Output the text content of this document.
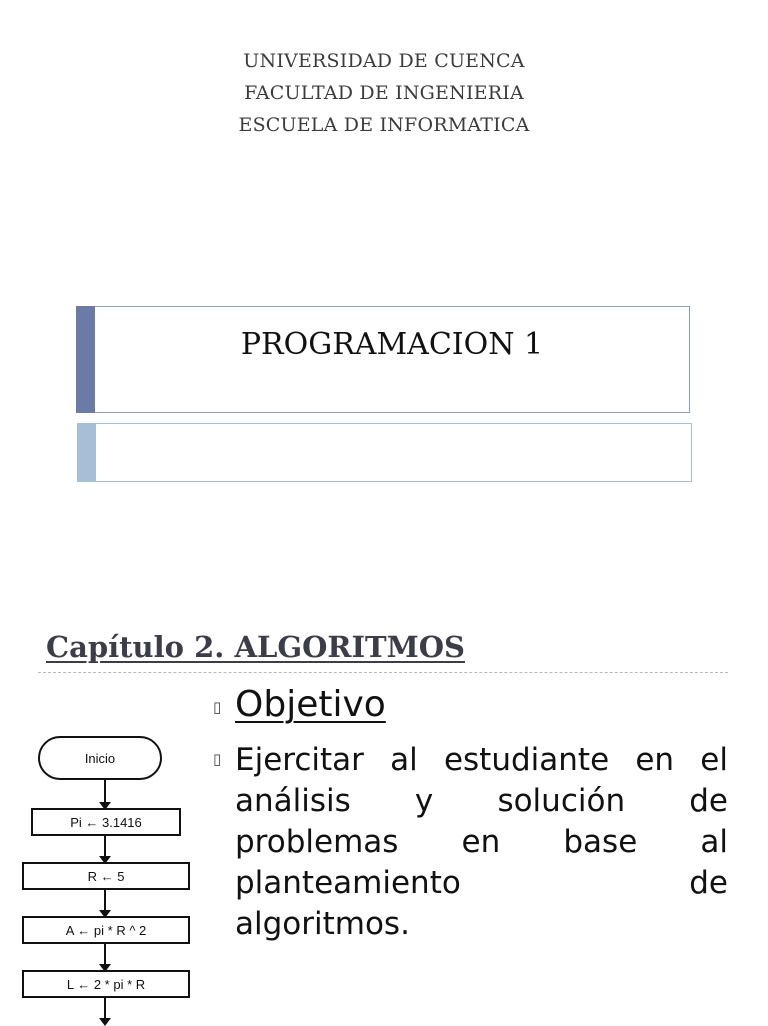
UNIVERSIDAD DE CUENCA
FACULTAD DE INGENIERIA
ESCUELA DE INFORMATICA
PROGRAMACION 1
Capítulo 2. ALGORITMOS
▯ Objetivo
▯ Ejercitar al estudiante en el
análisis y solución de
problemas en base al
planteamiento de
algoritmos.
Inicio
Pi ← 3.1416
R ← 5
A ← pi * R ^ 2
L ← 2 * pi * R
